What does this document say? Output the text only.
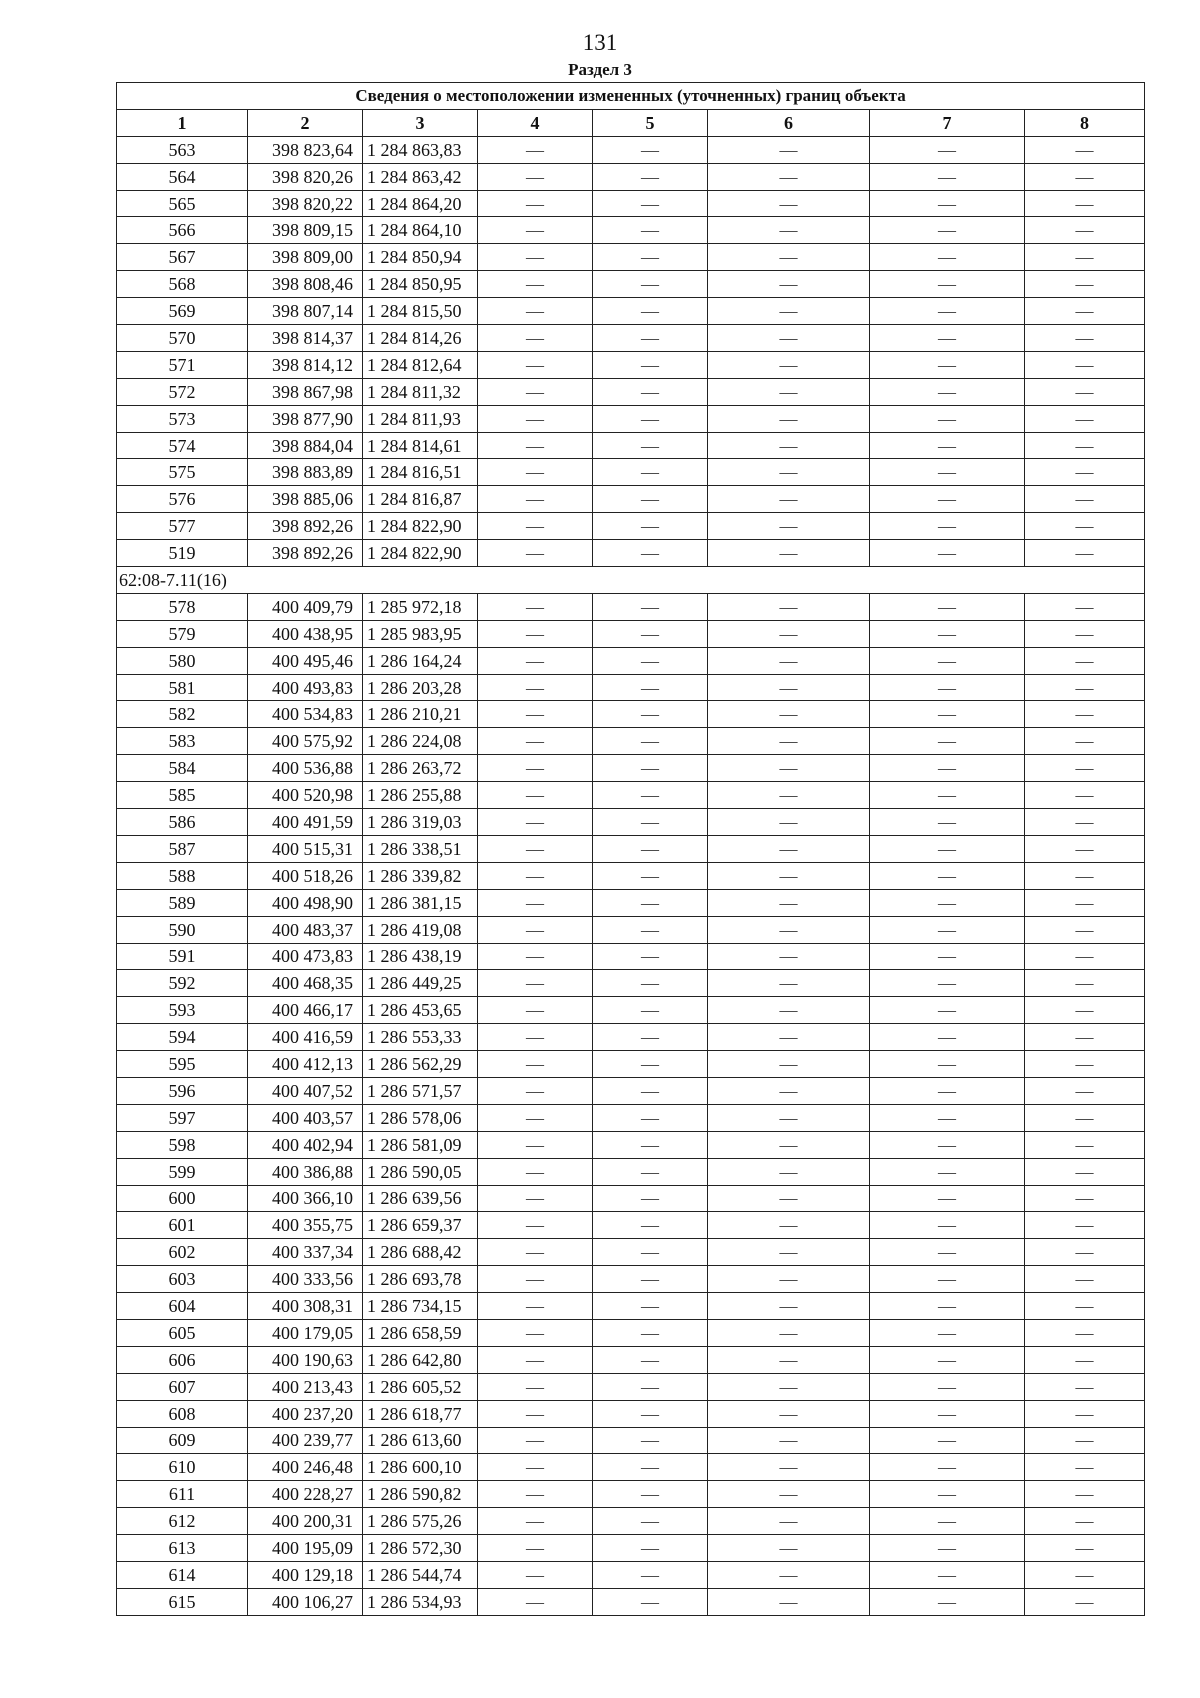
131
Раздел 3
Сведения о местоположении измененных (уточненных) границ объекта							
1	2	3	4	5	6	7	8
563	398 823,64	1 284 863,83	—	—	—	—	—
564	398 820,26	1 284 863,42	—	—	—	—	—
565	398 820,22	1 284 864,20	—	—	—	—	—
566	398 809,15	1 284 864,10	—	—	—	—	—
567	398 809,00	1 284 850,94	—	—	—	—	—
568	398 808,46	1 284 850,95	—	—	—	—	—
569	398 807,14	1 284 815,50	—	—	—	—	—
570	398 814,37	1 284 814,26	—	—	—	—	—
571	398 814,12	1 284 812,64	—	—	—	—	—
572	398 867,98	1 284 811,32	—	—	—	—	—
573	398 877,90	1 284 811,93	—	—	—	—	—
574	398 884,04	1 284 814,61	—	—	—	—	—
575	398 883,89	1 284 816,51	—	—	—	—	—
576	398 885,06	1 284 816,87	—	—	—	—	—
577	398 892,26	1 284 822,90	—	—	—	—	—
519	398 892,26	1 284 822,90	—	—	—	—	—
62:08-7.11(16)							
578	400 409,79	1 285 972,18	—	—	—	—	—
579	400 438,95	1 285 983,95	—	—	—	—	—
580	400 495,46	1 286 164,24	—	—	—	—	—
581	400 493,83	1 286 203,28	—	—	—	—	—
582	400 534,83	1 286 210,21	—	—	—	—	—
583	400 575,92	1 286 224,08	—	—	—	—	—
584	400 536,88	1 286 263,72	—	—	—	—	—
585	400 520,98	1 286 255,88	—	—	—	—	—
586	400 491,59	1 286 319,03	—	—	—	—	—
587	400 515,31	1 286 338,51	—	—	—	—	—
588	400 518,26	1 286 339,82	—	—	—	—	—
589	400 498,90	1 286 381,15	—	—	—	—	—
590	400 483,37	1 286 419,08	—	—	—	—	—
591	400 473,83	1 286 438,19	—	—	—	—	—
592	400 468,35	1 286 449,25	—	—	—	—	—
593	400 466,17	1 286 453,65	—	—	—	—	—
594	400 416,59	1 286 553,33	—	—	—	—	—
595	400 412,13	1 286 562,29	—	—	—	—	—
596	400 407,52	1 286 571,57	—	—	—	—	—
597	400 403,57	1 286 578,06	—	—	—	—	—
598	400 402,94	1 286 581,09	—	—	—	—	—
599	400 386,88	1 286 590,05	—	—	—	—	—
600	400 366,10	1 286 639,56	—	—	—	—	—
601	400 355,75	1 286 659,37	—	—	—	—	—
602	400 337,34	1 286 688,42	—	—	—	—	—
603	400 333,56	1 286 693,78	—	—	—	—	—
604	400 308,31	1 286 734,15	—	—	—	—	—
605	400 179,05	1 286 658,59	—	—	—	—	—
606	400 190,63	1 286 642,80	—	—	—	—	—
607	400 213,43	1 286 605,52	—	—	—	—	—
608	400 237,20	1 286 618,77	—	—	—	—	—
609	400 239,77	1 286 613,60	—	—	—	—	—
610	400 246,48	1 286 600,10	—	—	—	—	—
611	400 228,27	1 286 590,82	—	—	—	—	—
612	400 200,31	1 286 575,26	—	—	—	—	—
613	400 195,09	1 286 572,30	—	—	—	—	—
614	400 129,18	1 286 544,74	—	—	—	—	—
615	400 106,27	1 286 534,93	—	—	—	—	—
